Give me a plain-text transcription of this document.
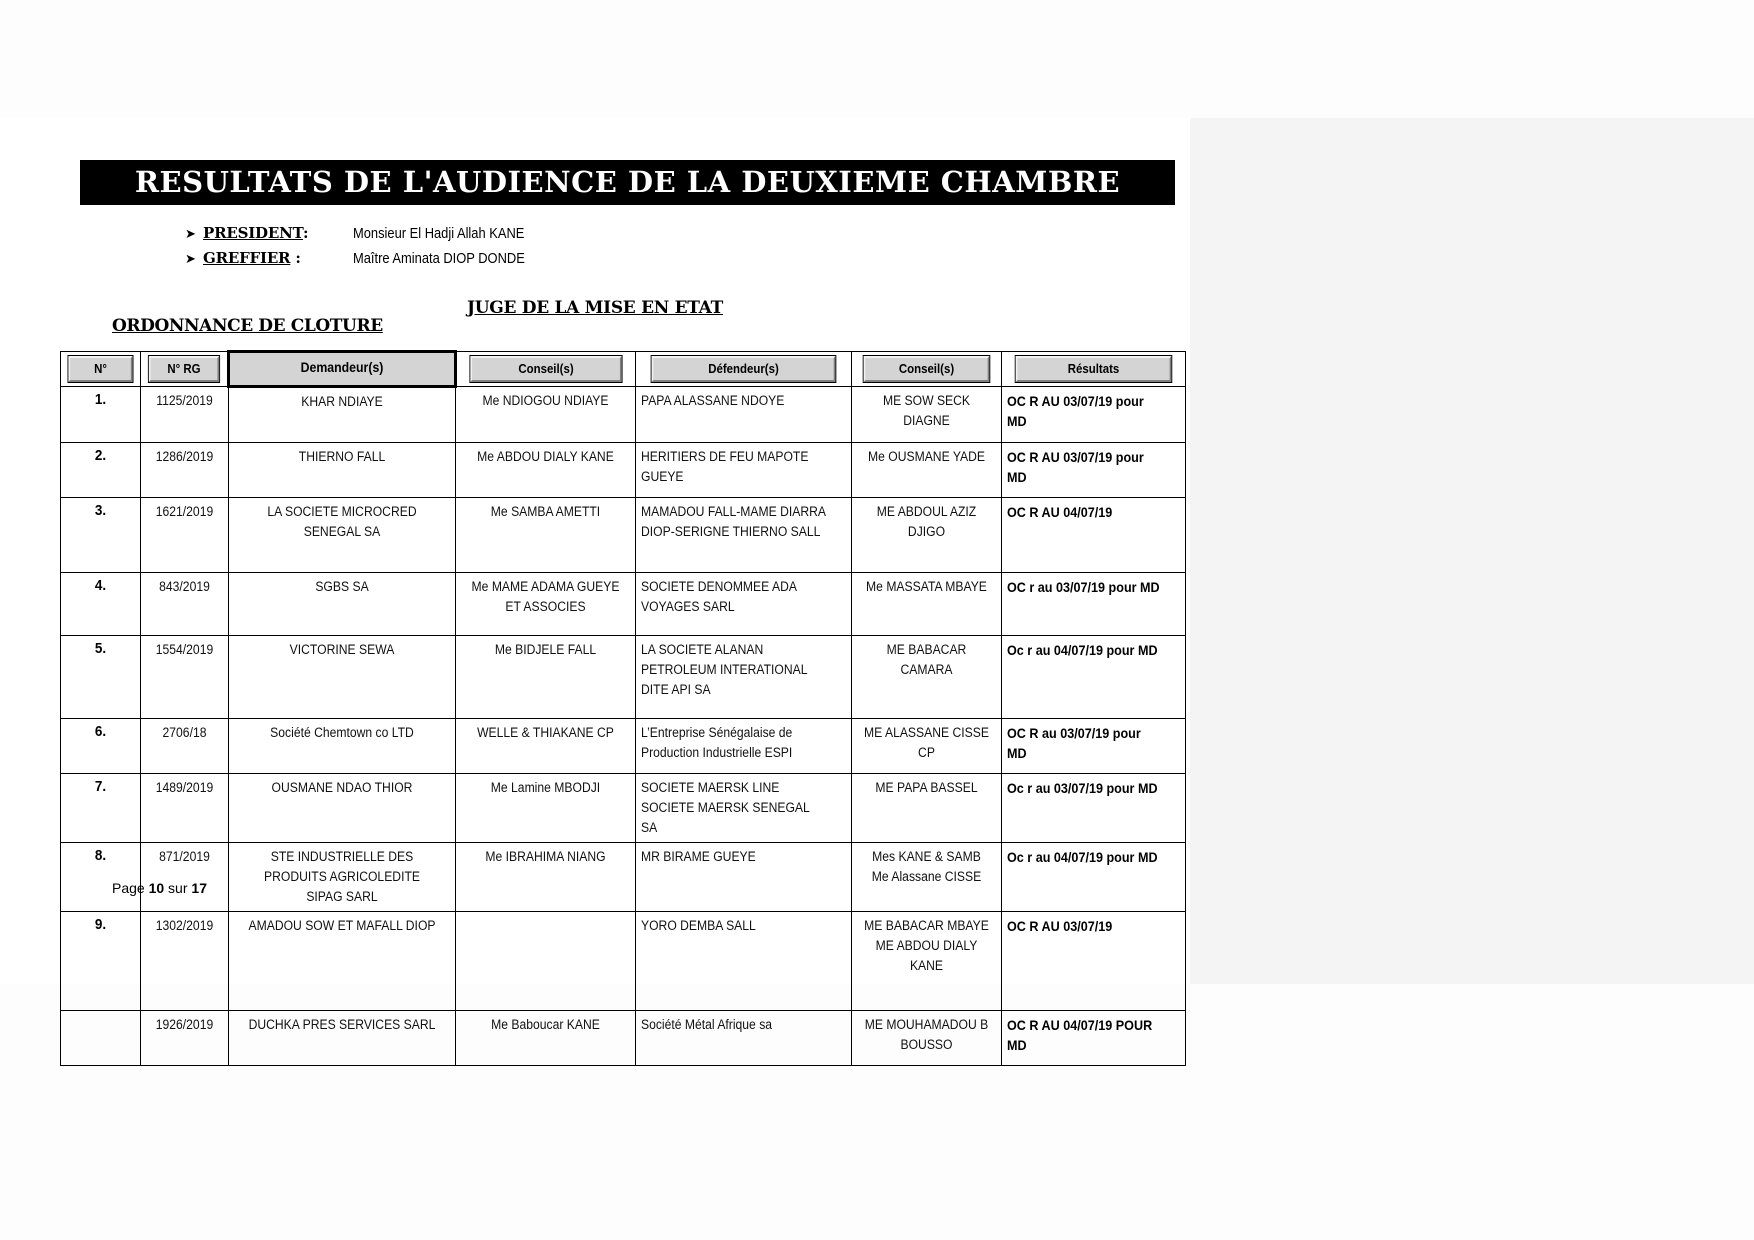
RESULTATS DE L'AUDIENCE DE LA DEUXIEME CHAMBRE
➤ PRESIDENT:	Monsieur El Hadji Allah KANE
➤ GREFFIER :	Maître Aminata DIOP DONDE
JUGE DE LA MISE EN ETAT
ORDONNANCE DE CLOTURE
N°	N° RG	Demandeur(s)	Conseil(s)	Défendeur(s)	Conseil(s)	Résultats

1.	1125/2019	KHAR NDIAYE	Me NDIOGOU NDIAYE	PAPA ALASSANE NDOYE	ME SOW SECK DIAGNE	OC R AU 03/07/19 pour MD

2.	1286/2019	THIERNO FALL	Me ABDOU DIALY KANE	HERITIERS DE FEU MAPOTE GUEYE	Me OUSMANE YADE	OC R AU 03/07/19 pour MD

3.	1621/2019	LA SOCIETE MICROCRED SENEGAL SA	Me SAMBA AMETTI	MAMADOU FALL-MAME DIARRA DIOP-SERIGNE THIERNO SALL	ME ABDOUL AZIZ DJIGO	OC R AU 04/07/19

4.	843/2019	SGBS SA	Me MAME ADAMA GUEYE ET ASSOCIES	SOCIETE DENOMMEE ADA VOYAGES SARL	Me MASSATA MBAYE	OC r au 03/07/19 pour MD

5.	1554/2019	VICTORINE SEWA	Me BIDJELE FALL	LA SOCIETE ALANAN PETROLEUM INTERATIONAL DITE API SA	ME BABACAR CAMARA	Oc r au 04/07/19 pour MD

6.	2706/18	Société Chemtown co LTD	WELLE & THIAKANE CP	L’Entreprise Sénégalaise de Production Industrielle ESPI	ME ALASSANE CISSE CP	OC R au 03/07/19 pour MD

7.	1489/2019	OUSMANE NDAO THIOR	Me Lamine MBODJI	SOCIETE MAERSK LINE SOCIETE MAERSK SENEGAL SA	ME PAPA BASSEL	Oc r au 03/07/19 pour MD

8.	871/2019	STE INDUSTRIELLE DES PRODUITS AGRICOLEDITE SIPAG SARL	Me IBRAHIMA NIANG	MR BIRAME GUEYE	Mes KANE & SAMB Me Alassane CISSE	Oc r au 04/07/19 pour MD

9.	1302/2019	AMADOU SOW ET MAFALL DIOP		YORO DEMBA SALL	ME BABACAR MBAYE ME ABDOU DIALY KANE	OC R AU 03/07/19

	1926/2019	DUCHKA PRES SERVICES SARL	Me Baboucar KANE	Société Métal Afrique sa	ME MOUHAMADOU B BOUSSO	OC R AU 04/07/19 POUR MD
Page 10 sur 17
